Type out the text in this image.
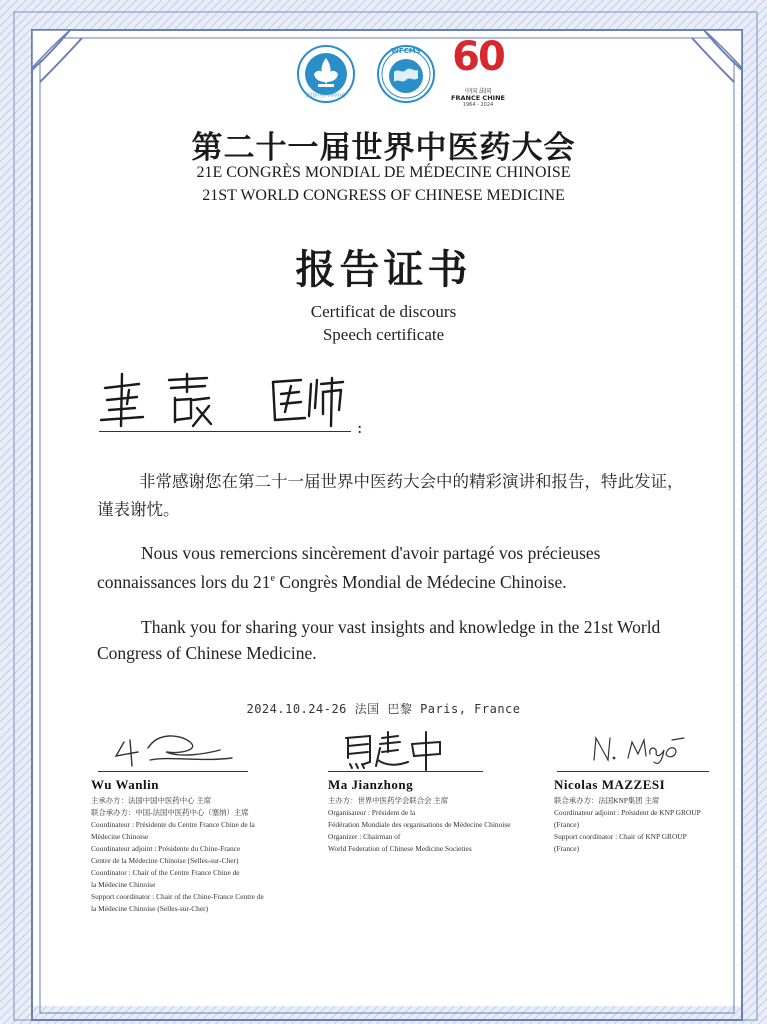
法国中医中药中心
WFCMS 60
中国 法国
FRANCE CHINE
1964 - 2024
第二十一届世界中医药大会
21E CONGRÈS MONDIAL DE MÉDECINE CHINOISE
21ST WORLD CONGRESS OF CHINESE MEDICINE
报告证书
Certificat de discours
Speech certificate
:
非常感谢您在第二十一届世界中医药大会中的精彩演讲和报告，特此发证，谨表谢忱。
Nous vous remercions sincèrement d'avoir partagé vos précieuses connaissances lors du 21e Congrès Mondial de Médecine Chinoise.
Thank you for sharing your vast insights and knowledge in the 21st World Congress of Chinese Medicine.
2024.10.24-26 法国 巴黎 Paris, France
Wu Wanlin
主承办方：法国中国中医药中心 主席
联合承办方：中国-法国中医药中心（塞纳）主席
Coordinateur : Présidente du Centre France Chine de la
Médecine Chinoise
Coordinateur adjoint : Présidente du Chine-France
Centre de la Médecine Chinoise (Selles-sur-Cher)
Coordinator : Chair of the Centre France Chine de
la Médecine Chinoise
Support coordinator : Chair of the Chine-France Centre de
la Médecine Chinoise (Selles-sur-Cher)
Ma Jianzhong
主办方：世界中医药学会联合会 主席
Organisateur : Président de la
Fédération Mondiale des organisations de Médecine Chinoise
Organizer : Chairman of
World Federation of Chinese Medicine Societies
Nicolas MAZZESI
联合承办方：法国KNP集团 主席
Coordinateur adjoint : Président de KNP GROUP
(France)
Support coordinator : Chair of KNP GROUP
(France)
